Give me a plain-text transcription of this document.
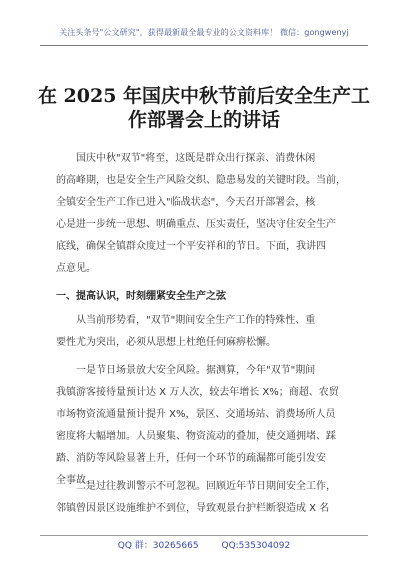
关注头条号"公文研究"，获得最新最全最专业的公文资料库！ 微信：gongwenyj
在 2025 年国庆中秋节前后安全生产工
作部署会上的讲话
国庆中秋"双节"将至，这既是群众出行探亲、消费休闲
的高峰期，也是安全生产风险交织、隐患易发的关键时段。当前，
全镇安全生产工作已进入"临战状态"，今天召开部署会，核
心是进一步统一思想、明确重点、压实责任，坚决守住安全生产
底线，确保全镇群众度过一个平安祥和的节日。下面，我讲四
点意见。
一、提高认识，时刻绷紧安全生产之弦
从当前形势看，"双节"期间安全生产工作的特殊性、重
要性尤为突出，必须从思想上杜绝任何麻痹松懈。
一是节日场景放大安全风险。据测算，今年"双节"期间
我镇游客接待量预计达 X 万人次，较去年增长 X%；商超、农贸
市场物资流通量预计提升 X%，景区、交通场站、消费场所人员
密度将大幅增加。人员聚集、物资流动的叠加，使交通拥堵、踩
踏、消防等风险显著上升，任何一个环节的疏漏都可能引发安
全事故。
二是过往教训警示不可忽视。回顾近年节日期间安全工作，
邻镇曾因景区设施维护不到位，导致观景台护栏断裂造成 X 名
QQ 群：30265665	QQ:535304092
